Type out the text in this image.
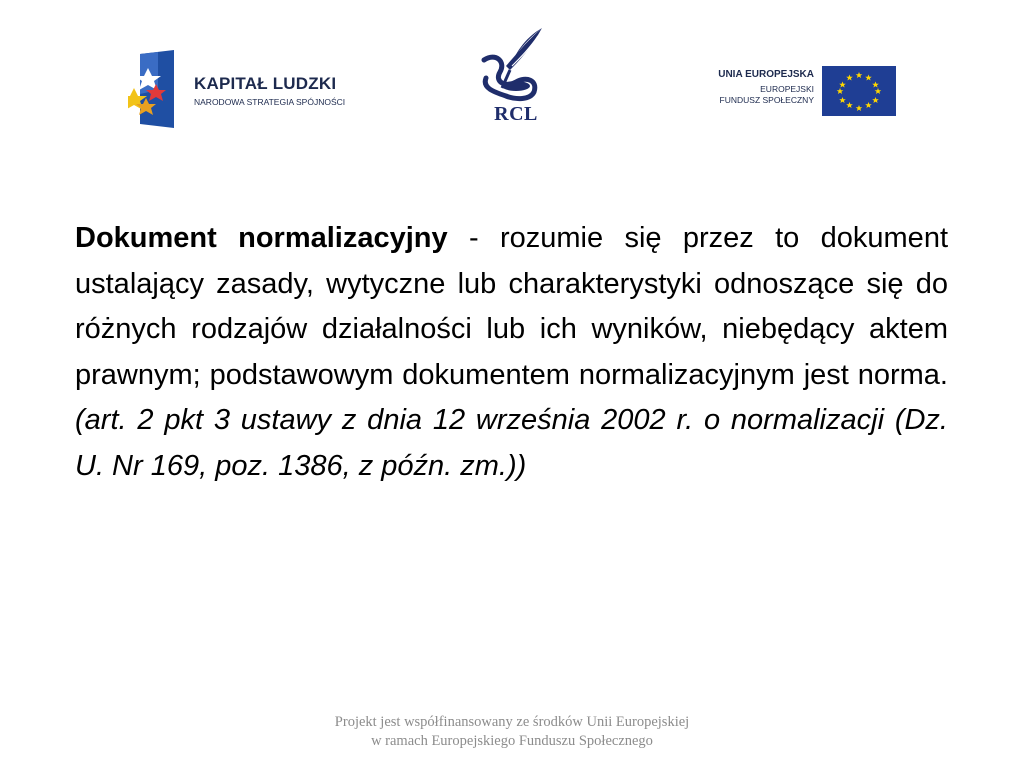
KAPITAŁ LUDZKI
NARODOWA STRATEGIA SPÓJNOŚCI
RCL
UNIA EUROPEJSKA
EUROPEJSKI
FUNDUSZ SPOŁECZNY

Dokument normalizacyjny - rozumie się przez to dokument ustalający zasady, wytyczne lub charakterystyki odnoszące się do różnych rodzajów działalności lub ich wyników, niebędący aktem prawnym; podstawowym dokumentem normalizacyjnym jest norma. (art. 2 pkt 3 ustawy z dnia 12 września 2002 r. o normalizacji (Dz. U. Nr 169, poz. 1386, z późn. zm.))

Projekt jest współfinansowany ze środków Unii Europejskiej
w ramach Europejskiego Funduszu Społecznego
